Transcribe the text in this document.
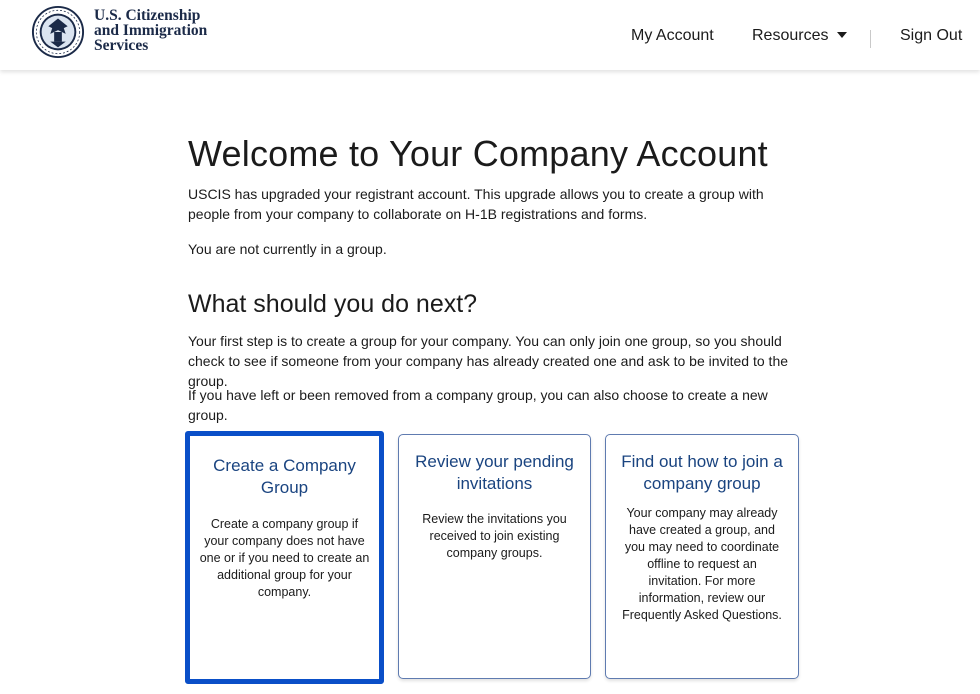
U.S. Citizenship
and Immigration
Services
My Account Resources	Sign Out
Welcome to Your Company Account

USCIS has upgraded your registrant account. This upgrade allows you to create a group with people from your company to collaborate on H-1B registrations and forms.

You are not currently in a group.

What should you do next?

Your first step is to create a group for your company. You can only join one group, so you should check to see if someone from your company has already created one and ask to be invited to the group.

If you have left or been removed from a company group, you can also choose to create a new group.

Create a Company Group
Create a company group if your company does not have one or if you need to create an additional group for your company.
Review your pending invitations
Review the invitations you received to join existing company groups.
Find out how to join a company group
Your company may already have created a group, and you may need to coordinate offline to request an invitation. For more information, review our Frequently Asked Questions.
